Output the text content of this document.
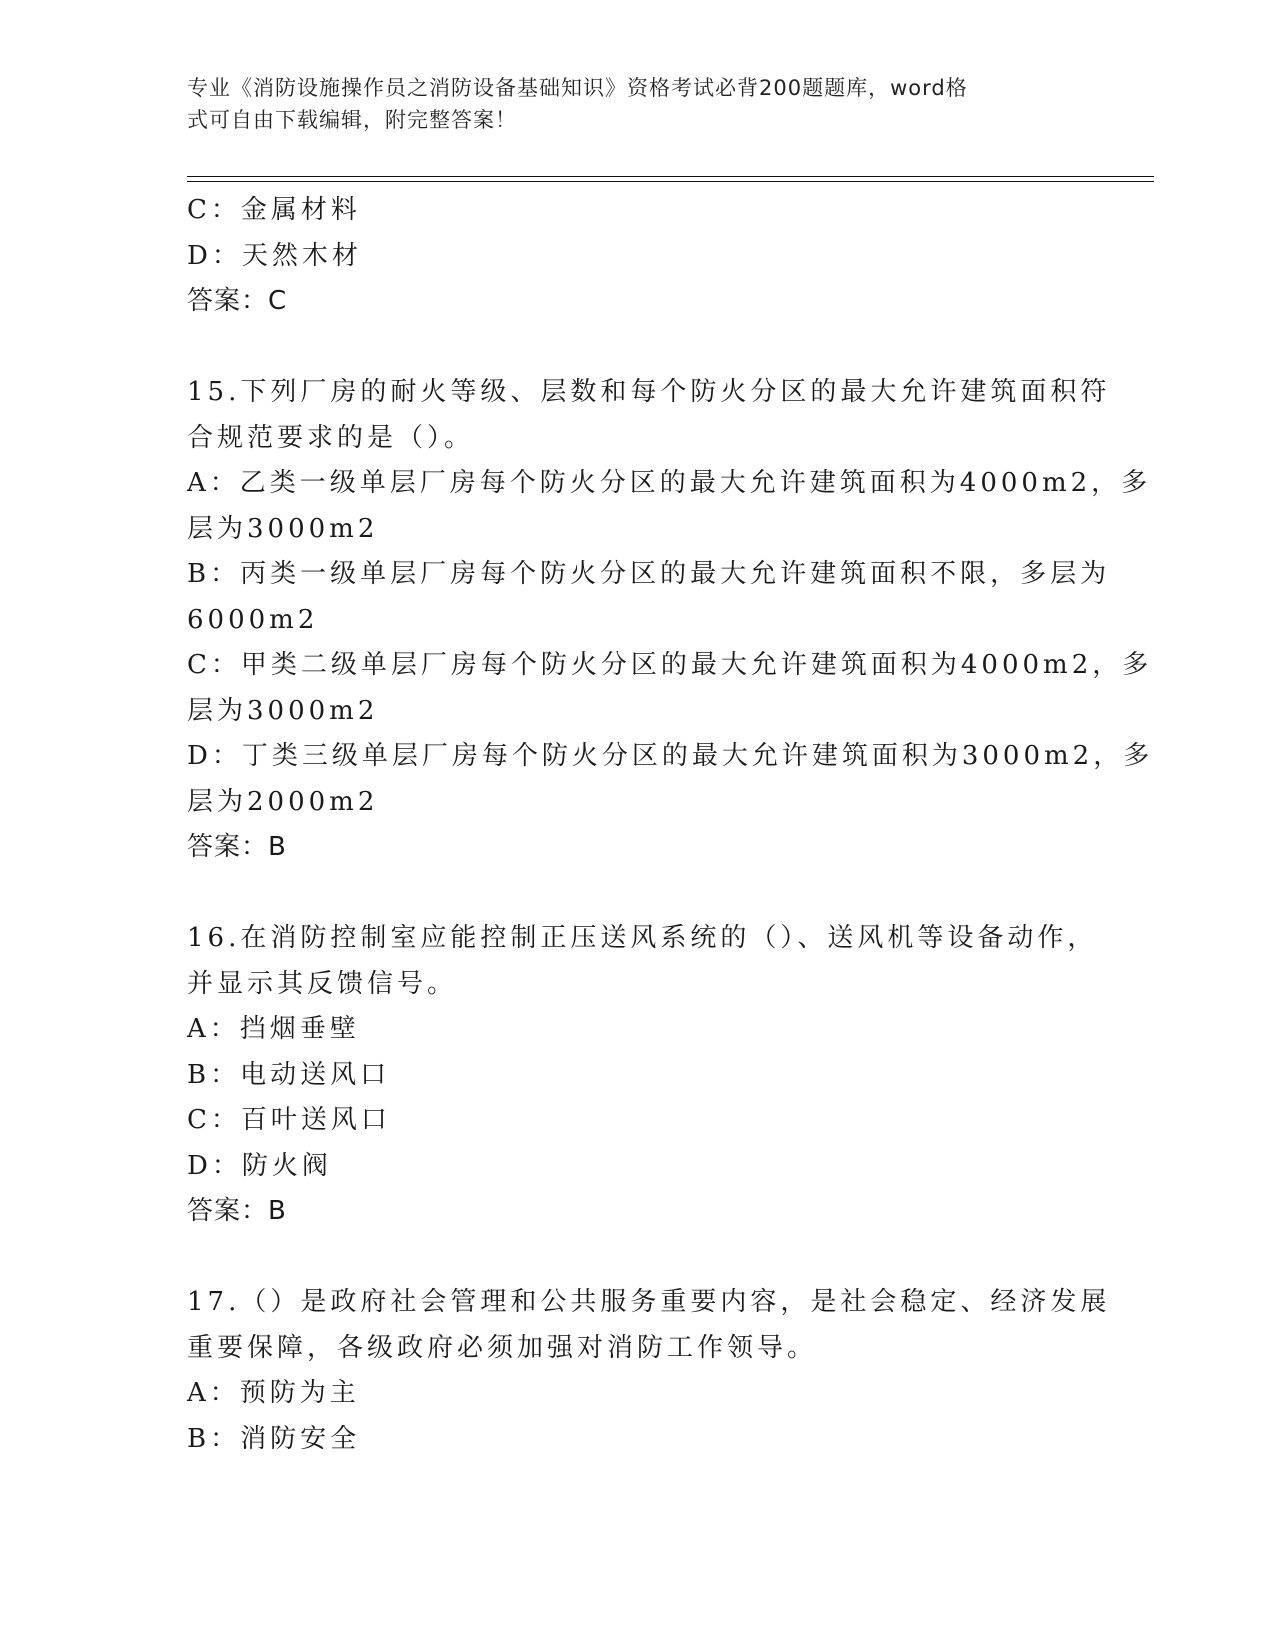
专业《消防设施操作员之消防设备基础知识》资格考试必背200题题库，word格
式可自由下载编辑，附完整答案！
C：金属材料
D：天然木材
答案：C
15.下列厂房的耐火等级、层数和每个防火分区的最大允许建筑面积符
合规范要求的是（）。
A：乙类一级单层厂房每个防火分区的最大允许建筑面积为4000m2，多
层为3000m2
B：丙类一级单层厂房每个防火分区的最大允许建筑面积不限，多层为
6000m2
C：甲类二级单层厂房每个防火分区的最大允许建筑面积为4000m2，多
层为3000m2
D：丁类三级单层厂房每个防火分区的最大允许建筑面积为3000m2，多
层为2000m2
答案：B
16.在消防控制室应能控制正压送风系统的（）、送风机等设备动作，
并显示其反馈信号。
A：挡烟垂壁
B：电动送风口
C：百叶送风口
D：防火阀
答案：B
17.（）是政府社会管理和公共服务重要内容，是社会稳定、经济发展
重要保障，各级政府必须加强对消防工作领导。
A：预防为主
B：消防安全
